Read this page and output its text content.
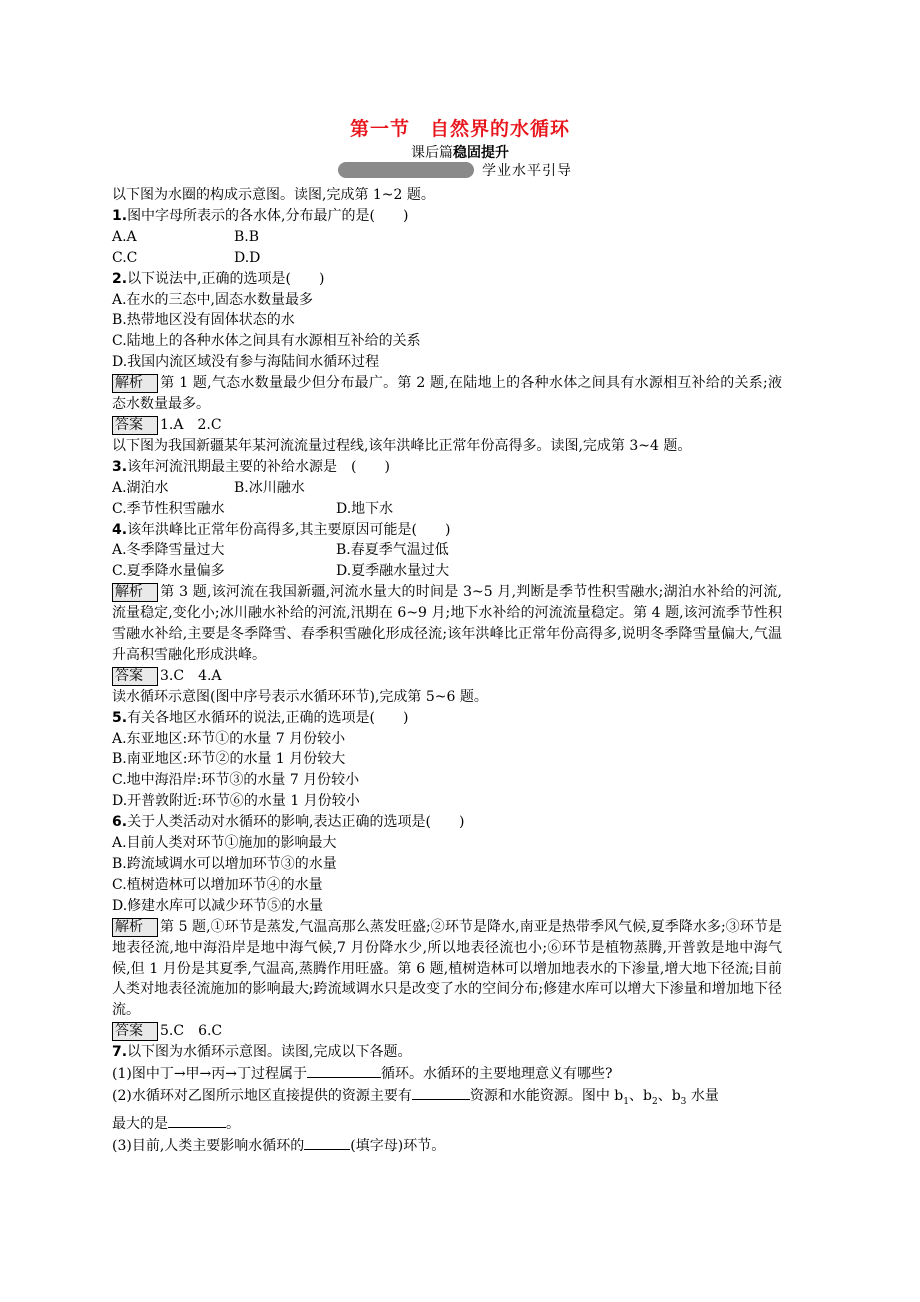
第一节　自然界的水循环
课后篇稳固提升
学业水平引导
以下图为水圈的构成示意图。读图,完成第 1~2 题。
1.图中字母所表示的各水体,分布最广的是(　　)
A.A	B.B
C.C	D.D
2.以下说法中,正确的选项是(　　)
A.在水的三态中,固态水数量最多
B.热带地区没有固体状态的水
C.陆地上的各种水体之间具有水源相互补给的关系
D.我国内流区域没有参与海陆间水循环过程
解析 第 1 题,气态水数量最少但分布最广。第 2 题,在陆地上的各种水体之间具有水源相互补给的关系;液态水数量最多。
答案 1.A　2.C
以下图为我国新疆某年某河流流量过程线,该年洪峰比正常年份高得多。读图,完成第 3~4 题。
3.该年河流汛期最主要的补给水源是　(　　)
A.湖泊水	B.冰川融水
C.季节性积雪融水	D.地下水
4.该年洪峰比正常年份高得多,其主要原因可能是(　　)
A.冬季降雪量过大	B.春夏季气温过低
C.夏季降水量偏多	D.夏季融水量过大
解析 第 3 题,该河流在我国新疆,河流水量大的时间是 3~5 月,判断是季节性积雪融水;湖泊水补给的河流,流量稳定,变化小;冰川融水补给的河流,汛期在 6~9 月;地下水补给的河流流量稳定。第 4 题,该河流季节性积雪融水补给,主要是冬季降雪、春季积雪融化形成径流;该年洪峰比正常年份高得多,说明冬季降雪量偏大,气温升高积雪融化形成洪峰。
答案 3.C　4.A
读水循环示意图(图中序号表示水循环环节),完成第 5~6 题。
5.有关各地区水循环的说法,正确的选项是(　　)
A.东亚地区:环节①的水量 7 月份较小
B.南亚地区:环节②的水量 1 月份较大
C.地中海沿岸:环节③的水量 7 月份较小
D.开普敦附近:环节⑥的水量 1 月份较小
6.关于人类活动对水循环的影响,表达正确的选项是(　　)
A.目前人类对环节①施加的影响最大
B.跨流域调水可以增加环节③的水量
C.植树造林可以增加环节④的水量
D.修建水库可以减少环节⑤的水量
解析 第 5 题,①环节是蒸发,气温高那么蒸发旺盛;②环节是降水,南亚是热带季风气候,夏季降水多;③环节是地表径流,地中海沿岸是地中海气候,7 月份降水少,所以地表径流也小;⑥环节是植物蒸腾,开普敦是地中海气候,但 1 月份是其夏季,气温高,蒸腾作用旺盛。第 6 题,植树造林可以增加地表水的下渗量,增大地下径流;目前人类对地表径流施加的影响最大;跨流域调水只是改变了水的空间分布;修建水库可以增大下渗量和增加地下径流。
答案 5.C　6.C
7.以下图为水循环示意图。读图,完成以下各题。
(1)图中丁→甲→丙→丁过程属于	循环。水循环的主要地理意义有哪些?
(2)水循环对乙图所示地区直接提供的资源主要有	资源和水能资源。图中 $b_1$、$b_2$、$b_3$ 水量
最大的是	。
(3)目前,人类主要影响水循环的	(填字母)环节。
